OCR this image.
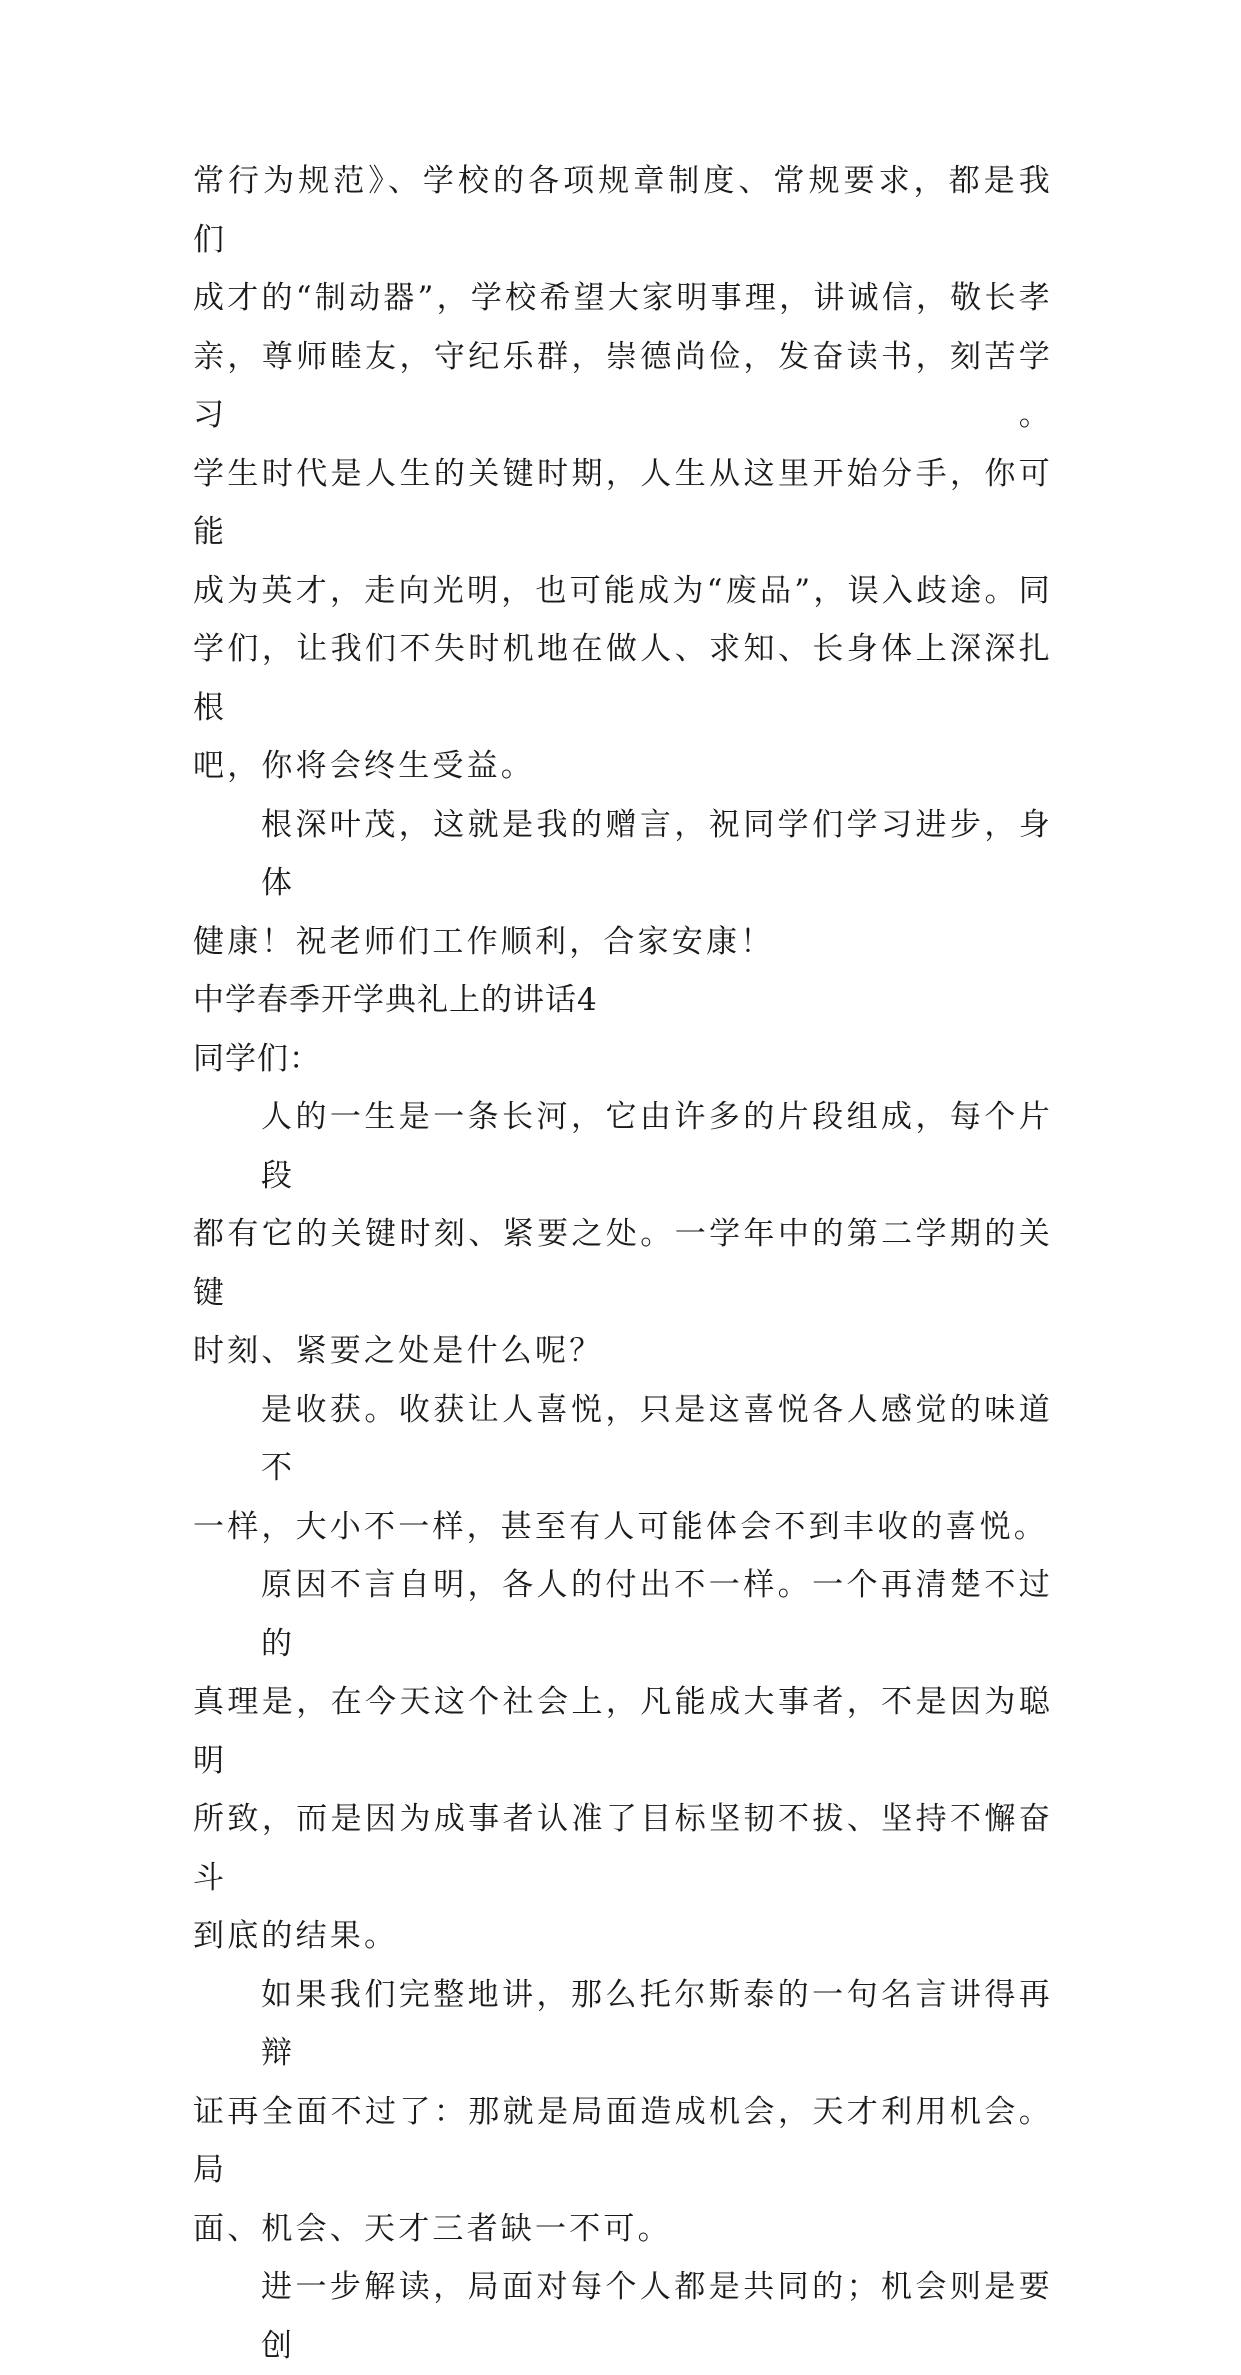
常行为规范》、学校的各项规章制度、常规要求，都是我们
成才的“制动器”，学校希望大家明事理，讲诚信，敬长孝
亲，尊师睦友，守纪乐群，崇德尚俭，发奋读书，刻苦学习。
学生时代是人生的关键时期，人生从这里开始分手，你可能
成为英才，走向光明，也可能成为“废品”，误入歧途。同
学们，让我们不失时机地在做人、求知、长身体上深深扎根
吧，你将会终生受益。

根深叶茂，这就是我的赠言，祝同学们学习进步，身体
健康！祝老师们工作顺利，合家安康！

中学春季开学典礼上的讲话4

同学们：

人的一生是一条长河，它由许多的片段组成，每个片段
都有它的关键时刻、紧要之处。一学年中的第二学期的关键
时刻、紧要之处是什么呢？

是收获。收获让人喜悦，只是这喜悦各人感觉的味道不
一样，大小不一样，甚至有人可能体会不到丰收的喜悦。

原因不言自明，各人的付出不一样。一个再清楚不过的
真理是，在今天这个社会上，凡能成大事者，不是因为聪明
所致，而是因为成事者认准了目标坚韧不拔、坚持不懈奋斗
到底的结果。

如果我们完整地讲，那么托尔斯泰的一句名言讲得再辩
证再全面不过了：那就是局面造成机会，天才利用机会。局
面、机会、天才三者缺一不可。

进一步解读，局面对每个人都是共同的；机会则是要创
